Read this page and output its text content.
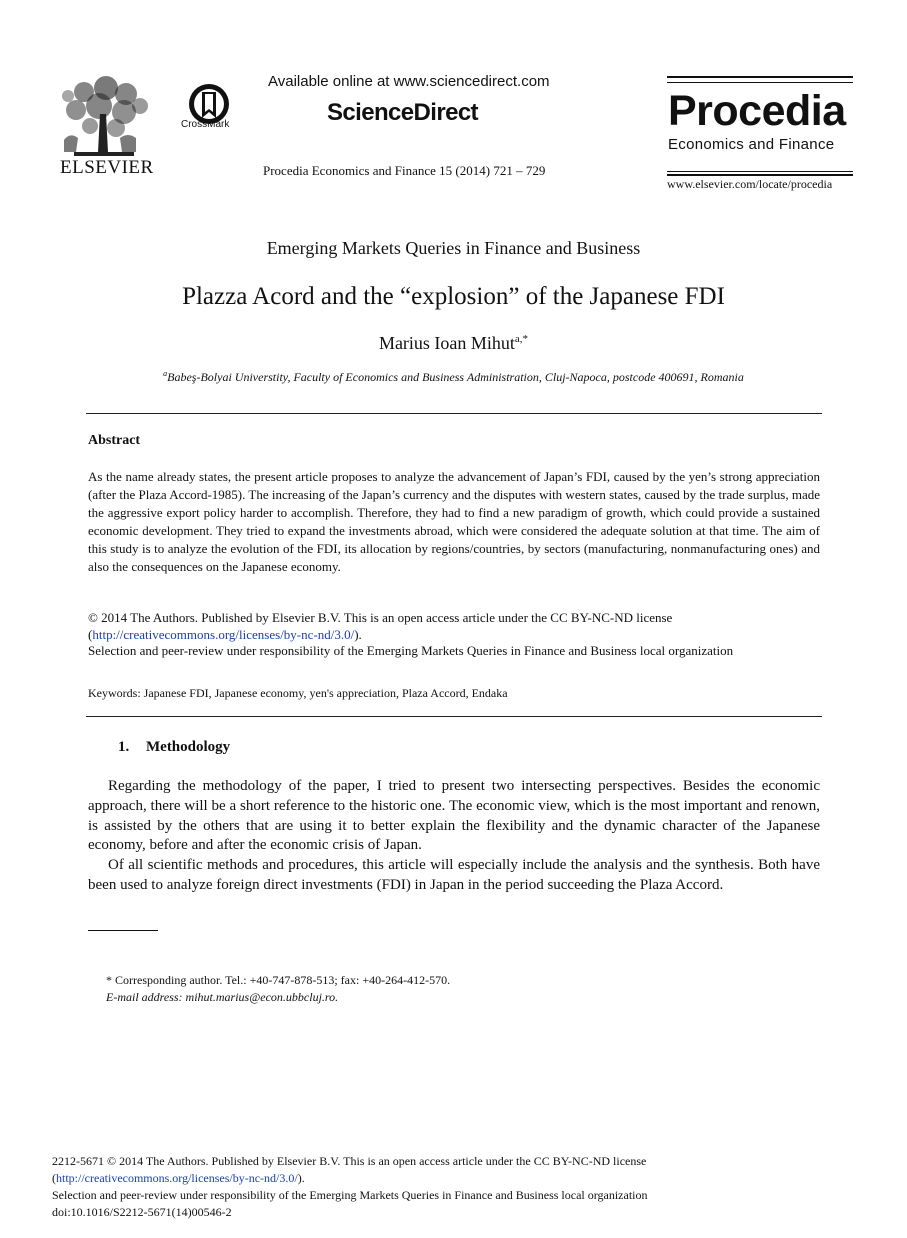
ELSEVIER
CrossMark
Available online at www.sciencedirect.com
ScienceDirect
Procedia Economics and Finance 15 (2014) 721 – 729
Procedia
Economics and Finance
www.elsevier.com/locate/procedia
Emerging Markets Queries in Finance and Business
Plazza Acord and the “explosion” of the Japanese FDI
Marius Ioan Mihut$^{a,*}$
$^a$Babeş-Bolyai Universtity, Faculty of Economics and Business Administration, Cluj-Napoca, postcode 400691, Romania
Abstract
As the name already states, the present article proposes to analyze the advancement of Japan’s FDI, caused by the yen’s strong appreciation (after the Plaza Accord-1985). The increasing of the Japan’s currency and the disputes with western states, caused by the trade surplus, made the aggressive export policy harder to accomplish. Therefore, they had to find a new paradigm of growth, which could provide a sustained economic development. They tried to expand the investments abroad, which were considered the adequate solution at that time. The aim of this study is to analyze the evolution of the FDI, its allocation by regions/countries, by sectors (manufacturing, nonmanufacturing ones) and also the consequences on the Japanese economy.
© 2014 The Authors. Published by Elsevier B.V. This is an open access article under the CC BY-NC-ND license
(http://creativecommons.org/licenses/by-nc-nd/3.0/).
Selection and peer-review under responsibility of the Emerging Markets Queries in Finance and Business local organization
Keywords: Japanese FDI, Japanese economy, yen's appreciation, Plaza Accord, Endaka
1. Methodology

Regarding the methodology of the paper, I tried to present two intersecting perspectives. Besides the economic approach, there will be a short reference to the historic one. The economic view, which is the most important and renown, is assisted by the others that are using it to better explain the flexibility and the dynamic character of the Japanese economy, before and after the economic crisis of Japan.

Of all scientific methods and procedures, this article will especially include the analysis and the synthesis. Both have been used to analyze foreign direct investments (FDI) in Japan in the period succeeding the Plaza Accord.

* Corresponding author. Tel.: +40-747-878-513; fax: +40-264-412-570.
E-mail address: mihut.marius@econ.ubbcluj.ro.
2212-5671 © 2014 The Authors. Published by Elsevier B.V. This is an open access article under the CC BY-NC-ND license
(http://creativecommons.org/licenses/by-nc-nd/3.0/).
Selection and peer-review under responsibility of the Emerging Markets Queries in Finance and Business local organization
doi:10.1016/S2212-5671(14)00546-2
